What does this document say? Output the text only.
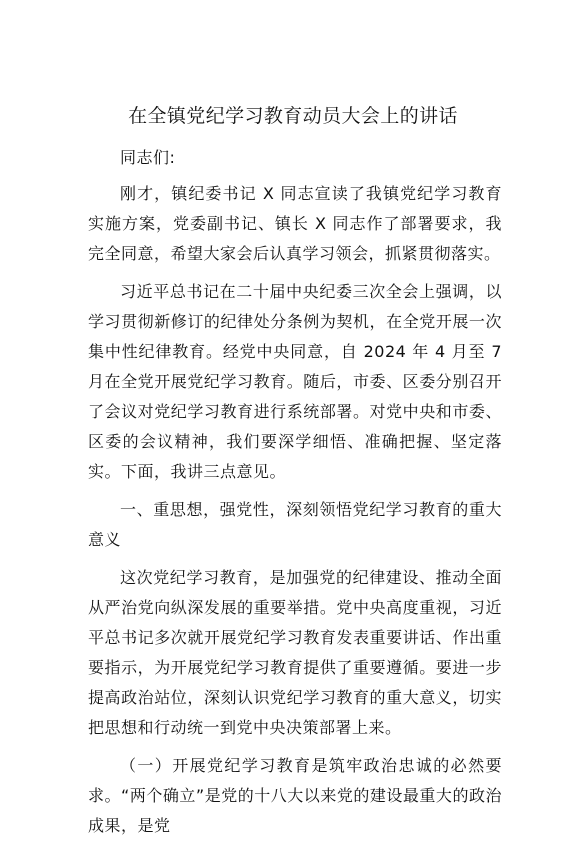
在全镇党纪学习教育动员大会上的讲话

同志们:

刚才，镇纪委书记 X 同志宣读了我镇党纪学习教育实施方案，党委副书记、镇长 X 同志作了部署要求，我完全同意，希望大家会后认真学习领会，抓紧贯彻落实。

习近平总书记在二十届中央纪委三次全会上强调，以学习贯彻新修订的纪律处分条例为契机，在全党开展一次集中性纪律教育。经党中央同意，自 2024 年 4 月至 7 月在全党开展党纪学习教育。随后，市委、区委分别召开了会议对党纪学习教育进行系统部署。对党中央和市委、区委的会议精神，我们要深学细悟、准确把握、坚定落实。下面，我讲三点意见。

一、重思想，强党性，深刻领悟党纪学习教育的重大意义

这次党纪学习教育，是加强党的纪律建设、推动全面从严治党向纵深发展的重要举措。党中央高度重视，习近平总书记多次就开展党纪学习教育发表重要讲话、作出重要指示，为开展党纪学习教育提供了重要遵循。要进一步提高政治站位，深刻认识党纪学习教育的重大意义，切实把思想和行动统一到党中央决策部署上来。

（一）开展党纪学习教育是筑牢政治忠诚的必然要求。“两个确立”是党的十八大以来党的建设最重大的政治成果，是党
